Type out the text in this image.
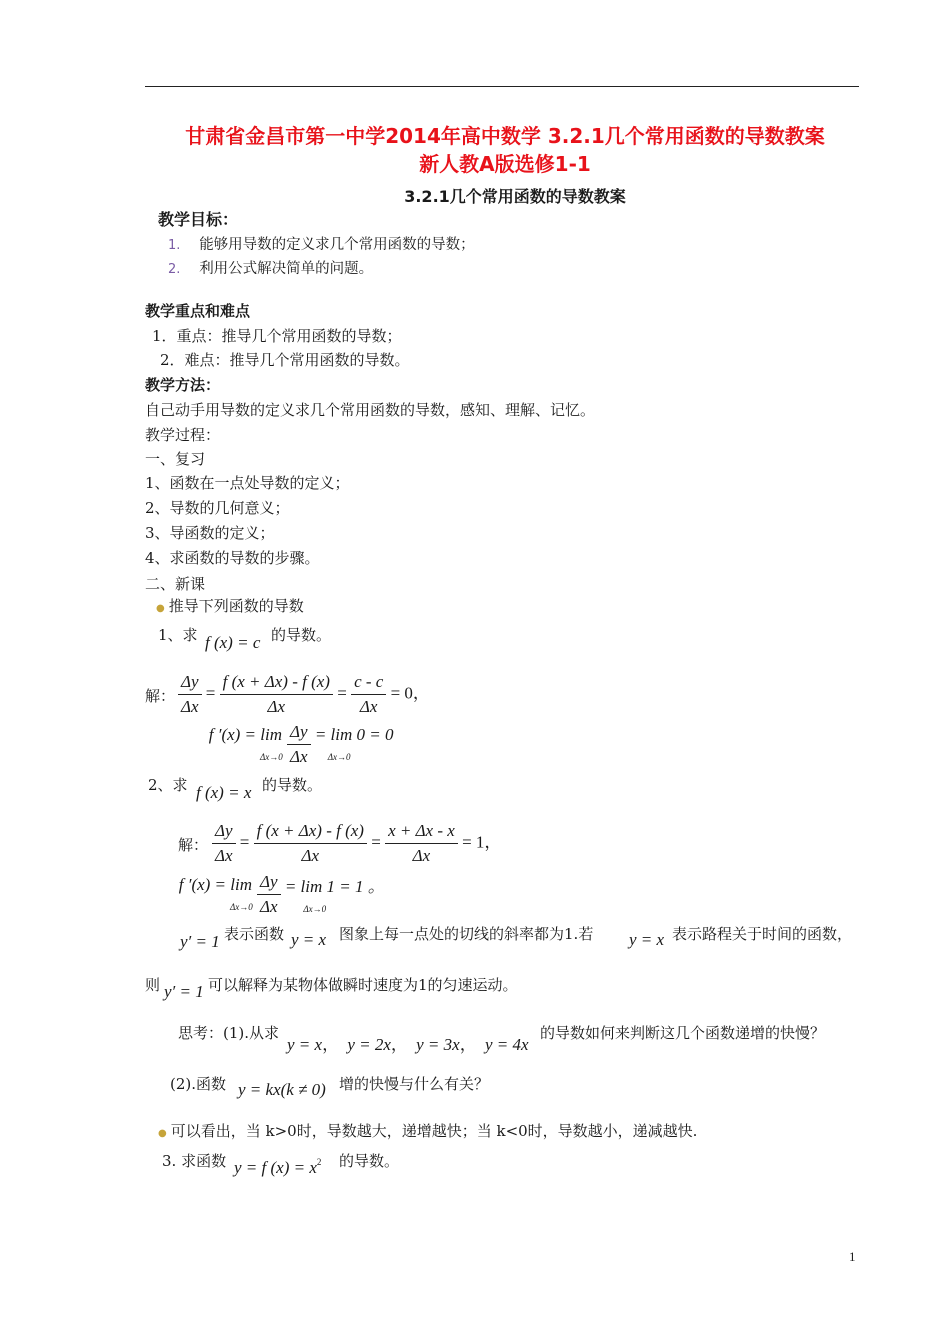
甘肃省金昌市第一中学2014年高中数学 3.2.1几个常用函数的导数教案
新人教A版选修1-1
3.2.1几个常用函数的导数教案
教学目标：
1. 能够用导数的定义求几个常用函数的导数；
2. 利用公式解决简单的问题。
教学重点和难点
1．重点：推导几个常用函数的导数；
2．难点：推导几个常用函数的导数。
教学方法：
自己动手用导数的定义求几个常用函数的导数，感知、理解、记忆。
教学过程：
一、复习
1、函数在一点处导数的定义；
2、导数的几何意义；
3、导函数的定义；
4、求函数的导数的步骤。
二、新课
● 推导下列函数的导数
1、求 f (x) = c 的导数。
解： $\frac{\Delta y}{\Delta x} = \frac{f (x + \Delta x) - f (x)}{\Delta x} = \frac{c - c}{\Delta x} = 0$，
f ′(x) = lim
$\Delta x\to 0 \frac{\Delta y}{\Delta x} = \lim 0 = 0$
Δx→0
2、求 f (x) = x 的导数。
解： $\frac{\Delta y}{\Delta x} = \frac{f (x + \Delta x) - f (x)}{\Delta x} = \frac{x + \Delta x - x}{\Delta x} = 1$，
f ′(x) = lim
$\Delta x\to 0 \frac{\Delta y}{\Delta x} = \lim 1 = 1$ 。
Δx→0
y′ = 1 表示函数 y = x 图象上每一点处的切线的斜率都为1.若 y = x 表示路程关于时间的函数，
则 y′ = 1 可以解释为某物体做瞬时速度为1的匀速运动。
思考：(1).从求
y = x， y = 2x， y = 3x， y = 4x
的导数如何来判断这几个函数递增的快慢？
(2).函数 y = kx(k ≠ 0) 增的快慢与什么有关？
● 可以看出，当 k>0时，导数越大，递增越快；当 k<0时，导数越小，递减越快.
3. 求函数 y = f $(x) = x^2$ 的导数。
1
